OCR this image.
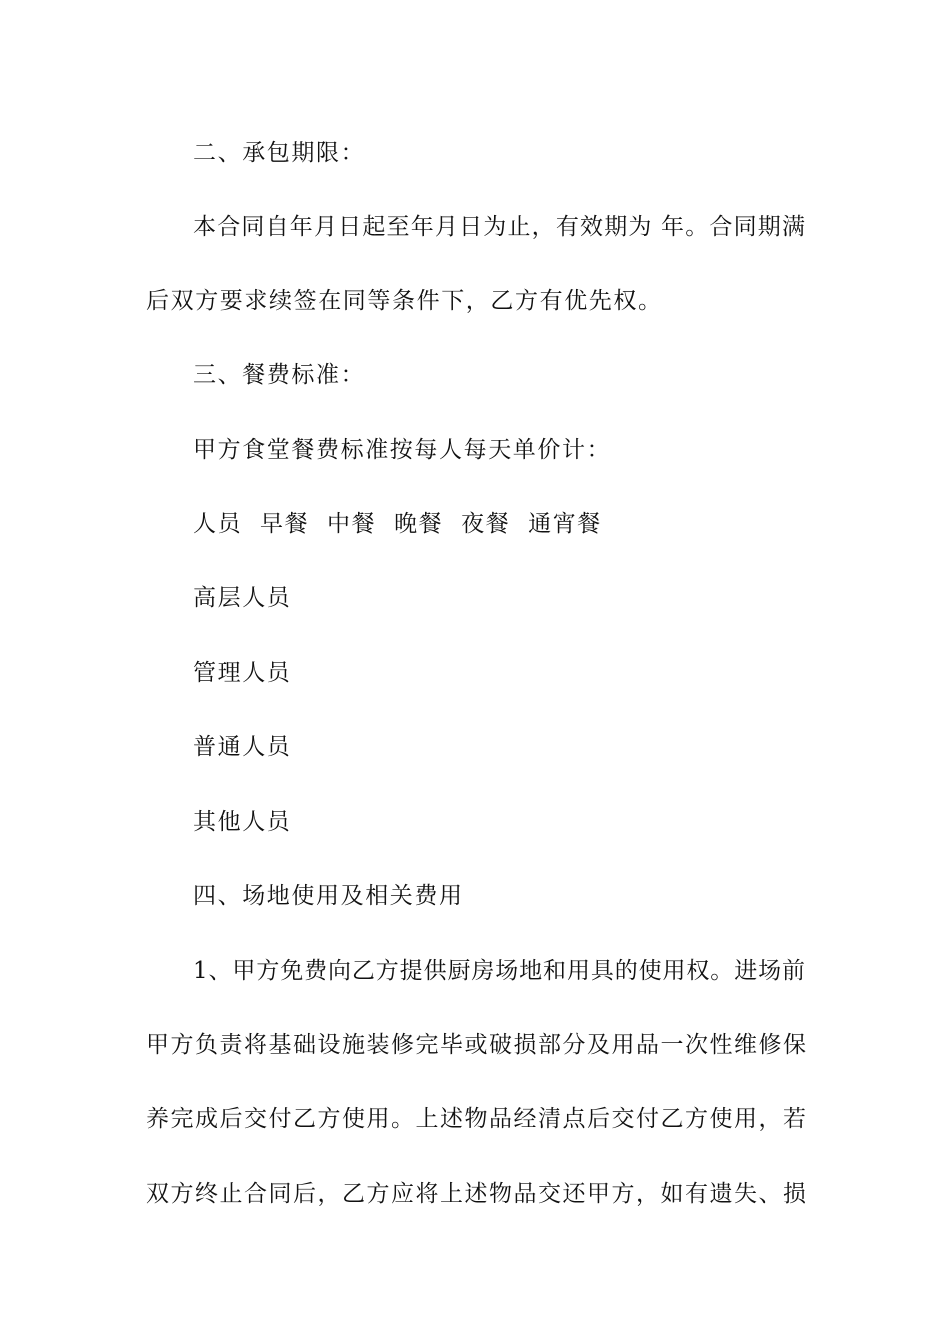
二、承包期限：
本合同自年月日起至年月日为止，有效期为 年。合同期满
后双方要求续签在同等条件下，乙方有优先权。
三、餐费标准：
甲方食堂餐费标准按每人每天单价计：
人员  早餐  中餐  晚餐  夜餐  通宵餐
高层人员
管理人员
普通人员
其他人员
四、场地使用及相关费用
1、甲方免费向乙方提供厨房场地和用具的使用权。进场前
甲方负责将基础设施装修完毕或破损部分及用品一次性维修保
养完成后交付乙方使用。上述物品经清点后交付乙方使用，若
双方终止合同后，乙方应将上述物品交还甲方，如有遗失、损
